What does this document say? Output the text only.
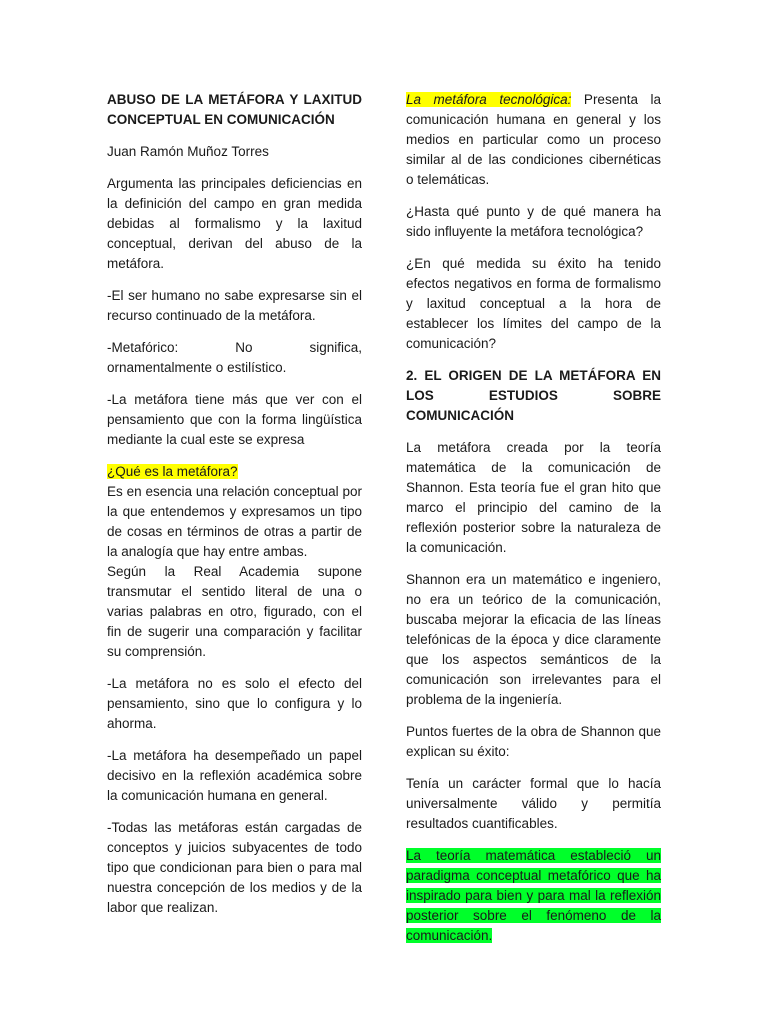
ABUSO DE LA METÁFORA Y LAXITUD CONCEPTUAL EN COMUNICACIÓN

Juan Ramón Muñoz Torres

Argumenta las principales deficiencias en la definición del campo en gran medida debidas al formalismo y la laxitud conceptual, derivan del abuso de la metáfora.

-El ser humano no sabe expresarse sin el recurso continuado de la metáfora.

-Metafórico: No significa, ornamentalmente o estilístico.

-La metáfora tiene más que ver con el pensamiento que con la forma lingüística mediante la cual este se expresa

¿Qué es la metáfora?

Es en esencia una relación conceptual por la que entendemos y expresamos un tipo de cosas en términos de otras a partir de la analogía que hay entre ambas.

Según la Real Academia supone transmutar el sentido literal de una o varias palabras en otro, figurado, con el fin de sugerir una comparación y facilitar su comprensión.

-La metáfora no es solo el efecto del pensamiento, sino que lo configura y lo ahorma.

-La metáfora ha desempeñado un papel decisivo en la reflexión académica sobre la comunicación humana en general.

-Todas las metáforas están cargadas de conceptos y juicios subyacentes de todo tipo que condicionan para bien o para mal nuestra concepción de los medios y de la labor que realizan.

La metáfora tecnológica: Presenta la comunicación humana en general y los medios en particular como un proceso similar al de las condiciones cibernéticas o telemáticas.

¿Hasta qué punto y de qué manera ha sido influyente la metáfora tecnológica?

¿En qué medida su éxito ha tenido efectos negativos en forma de formalismo y laxitud conceptual a la hora de establecer los límites del campo de la comunicación?

2. EL ORIGEN DE LA METÁFORA EN LOS ESTUDIOS SOBRE COMUNICACIÓN

La metáfora creada por la teoría matemática de la comunicación de Shannon. Esta teoría fue el gran hito que marco el principio del camino de la reflexión posterior sobre la naturaleza de la comunicación.

Shannon era un matemático e ingeniero, no era un teórico de la comunicación, buscaba mejorar la eficacia de las líneas telefónicas de la época y dice claramente que los aspectos semánticos de la comunicación son irrelevantes para el problema de la ingeniería.

Puntos fuertes de la obra de Shannon que explican su éxito:

Tenía un carácter formal que lo hacía universalmente válido y permitía resultados cuantificables.

La teoría matemática estableció un paradigma conceptual metafórico que ha inspirado para bien y para mal la reflexión posterior sobre el fenómeno de la comunicación.
